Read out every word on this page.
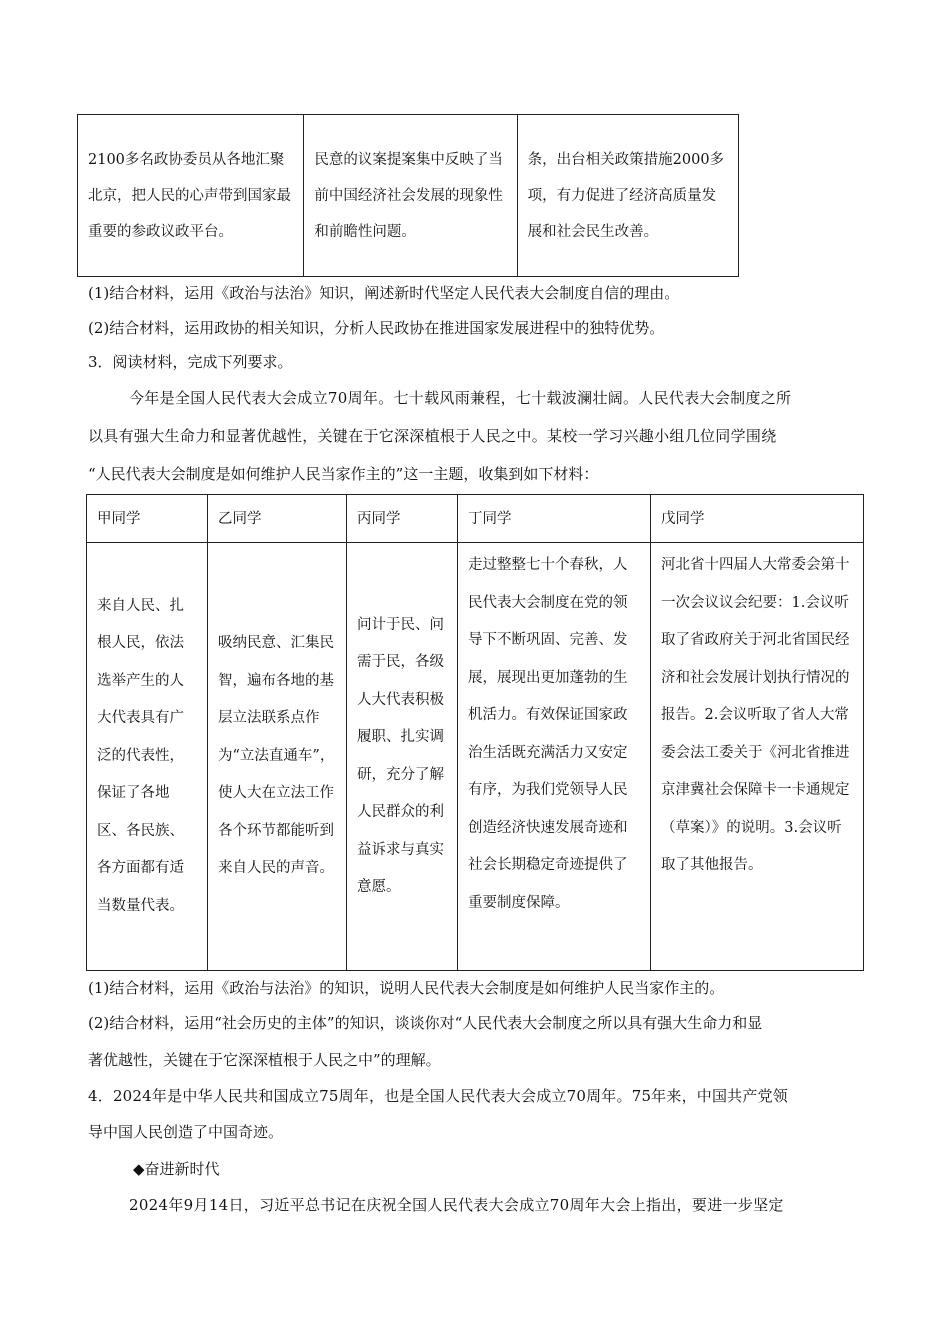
2100多名政协委员从各地汇聚北京，把人民的心声带到国家最重要的参政议政平台。	民意的议案提案集中反映了当前中国经济社会发展的现象性和前瞻性问题。	条，出台相关政策措施2000多项，有力促进了经济高质量发展和社会民生改善。
(1)结合材料，运用《政治与法治》知识，阐述新时代坚定人民代表大会制度自信的理由。
(2)结合材料，运用政协的相关知识，分析人民政协在推进国家发展进程中的独特优势。
3．阅读材料，完成下列要求。
今年是全国人民代表大会成立70周年。七十载风雨兼程，七十载波澜壮阔。人民代表大会制度之所
以具有强大生命力和显著优越性，关键在于它深深植根于人民之中。某校一学习兴趣小组几位同学围绕
“人民代表大会制度是如何维护人民当家作主的”这一主题，收集到如下材料：
甲同学	乙同学	丙同学	丁同学	戊同学
来自人民、扎根人民，依法选举产生的人大代表具有广泛的代表性，保证了各地区、各民族、各方面都有适当数量代表。	吸纳民意、汇集民智，遍布各地的基层立法联系点作为“立法直通车”，使人大在立法工作各个环节都能听到来自人民的声音。	问计于民、问需于民，各级人大代表积极履职、扎实调研，充分了解人民群众的利益诉求与真实意愿。	走过整整七十个春秋，人民代表大会制度在党的领导下不断巩固、完善、发展，展现出更加蓬勃的生机活力。有效保证国家政治生活既充满活力又安定有序，为我们党领导人民创造经济快速发展奇迹和社会长期稳定奇迹提供了重要制度保障。	河北省十四届人大常委会第十一次会议议会纪要：1.会议听取了省政府关于河北省国民经济和社会发展计划执行情况的报告。2.会议听取了省人大常委会法工委关于《河北省推进京津冀社会保障卡一卡通规定（草案）》的说明。3.会议听取了其他报告。
(1)结合材料，运用《政治与法治》的知识，说明人民代表大会制度是如何维护人民当家作主的。
(2)结合材料，运用“社会历史的主体”的知识，谈谈你对“人民代表大会制度之所以具有强大生命力和显
著优越性，关键在于它深深植根于人民之中”的理解。
4．2024年是中华人民共和国成立75周年，也是全国人民代表大会成立70周年。75年来，中国共产党领
导中国人民创造了中国奇迹。
◆奋进新时代
2024年9月14日，习近平总书记在庆祝全国人民代表大会成立70周年大会上指出，要进一步坚定
